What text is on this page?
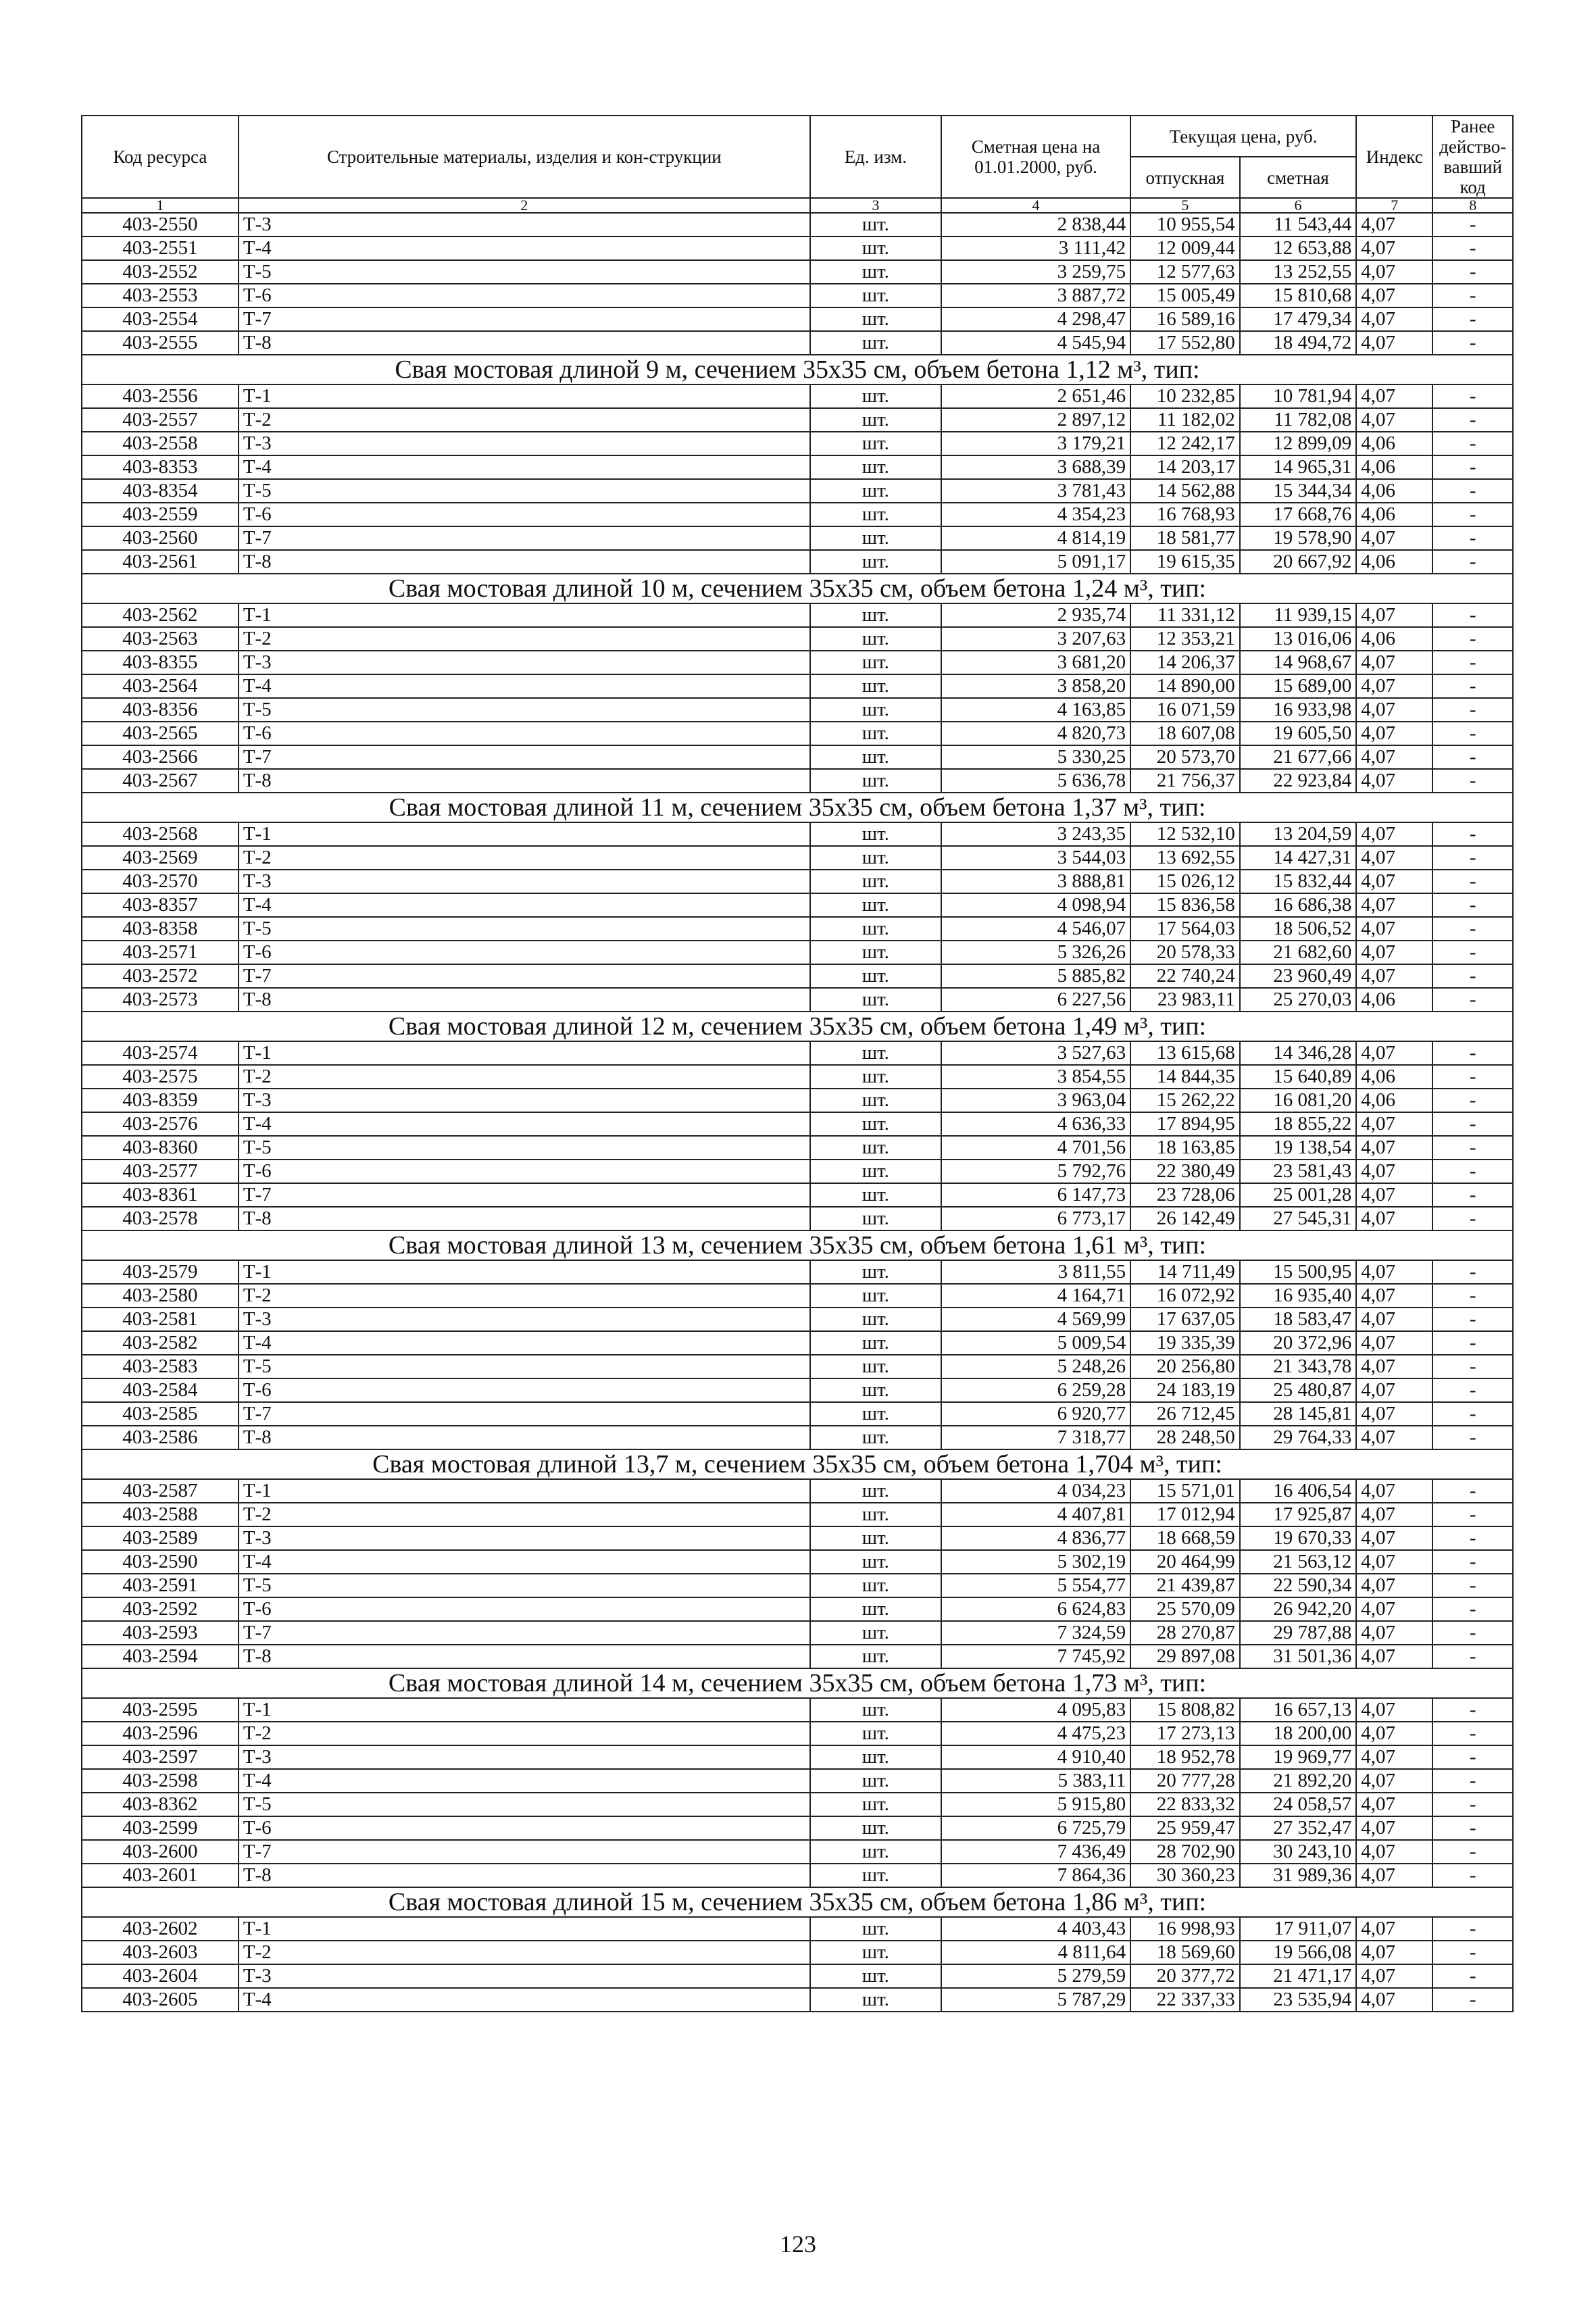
Код ресурса	Строительные материалы, изделия и кон-струкции	Ед. изм.	Сметная цена на 01.01.2000, руб.	Текущая цена, руб.		Индекс	Ранее действо-вавший код
				отпускная	сметная		
1	2	3	4	5	6	7	8
403-2550	Т-3	шт.	2 838,44	10 955,54	11 543,44	4,07	-
403-2551	Т-4	шт.	3 111,42	12 009,44	12 653,88	4,07	-
403-2552	Т-5	шт.	3 259,75	12 577,63	13 252,55	4,07	-
403-2553	Т-6	шт.	3 887,72	15 005,49	15 810,68	4,07	-
403-2554	Т-7	шт.	4 298,47	16 589,16	17 479,34	4,07	-
403-2555	Т-8	шт.	4 545,94	17 552,80	18 494,72	4,07	-
Свая мостовая длиной 9 м, сечением 35x35 см, объем бетона 1,12 м³, тип:							
403-2556	Т-1	шт.	2 651,46	10 232,85	10 781,94	4,07	-
403-2557	Т-2	шт.	2 897,12	11 182,02	11 782,08	4,07	-
403-2558	Т-3	шт.	3 179,21	12 242,17	12 899,09	4,06	-
403-8353	Т-4	шт.	3 688,39	14 203,17	14 965,31	4,06	-
403-8354	Т-5	шт.	3 781,43	14 562,88	15 344,34	4,06	-
403-2559	Т-6	шт.	4 354,23	16 768,93	17 668,76	4,06	-
403-2560	Т-7	шт.	4 814,19	18 581,77	19 578,90	4,07	-
403-2561	Т-8	шт.	5 091,17	19 615,35	20 667,92	4,06	-
Свая мостовая длиной 10 м, сечением 35x35 см, объем бетона 1,24 м³, тип:							
403-2562	Т-1	шт.	2 935,74	11 331,12	11 939,15	4,07	-
403-2563	Т-2	шт.	3 207,63	12 353,21	13 016,06	4,06	-
403-8355	Т-3	шт.	3 681,20	14 206,37	14 968,67	4,07	-
403-2564	Т-4	шт.	3 858,20	14 890,00	15 689,00	4,07	-
403-8356	Т-5	шт.	4 163,85	16 071,59	16 933,98	4,07	-
403-2565	Т-6	шт.	4 820,73	18 607,08	19 605,50	4,07	-
403-2566	Т-7	шт.	5 330,25	20 573,70	21 677,66	4,07	-
403-2567	Т-8	шт.	5 636,78	21 756,37	22 923,84	4,07	-
Свая мостовая длиной 11 м, сечением 35x35 см, объем бетона 1,37 м³, тип:							
403-2568	Т-1	шт.	3 243,35	12 532,10	13 204,59	4,07	-
403-2569	Т-2	шт.	3 544,03	13 692,55	14 427,31	4,07	-
403-2570	Т-3	шт.	3 888,81	15 026,12	15 832,44	4,07	-
403-8357	Т-4	шт.	4 098,94	15 836,58	16 686,38	4,07	-
403-8358	Т-5	шт.	4 546,07	17 564,03	18 506,52	4,07	-
403-2571	Т-6	шт.	5 326,26	20 578,33	21 682,60	4,07	-
403-2572	Т-7	шт.	5 885,82	22 740,24	23 960,49	4,07	-
403-2573	Т-8	шт.	6 227,56	23 983,11	25 270,03	4,06	-
Свая мостовая длиной 12 м, сечением 35x35 см, объем бетона 1,49 м³, тип:							
403-2574	Т-1	шт.	3 527,63	13 615,68	14 346,28	4,07	-
403-2575	Т-2	шт.	3 854,55	14 844,35	15 640,89	4,06	-
403-8359	Т-3	шт.	3 963,04	15 262,22	16 081,20	4,06	-
403-2576	Т-4	шт.	4 636,33	17 894,95	18 855,22	4,07	-
403-8360	Т-5	шт.	4 701,56	18 163,85	19 138,54	4,07	-
403-2577	Т-6	шт.	5 792,76	22 380,49	23 581,43	4,07	-
403-8361	Т-7	шт.	6 147,73	23 728,06	25 001,28	4,07	-
403-2578	Т-8	шт.	6 773,17	26 142,49	27 545,31	4,07	-
Свая мостовая длиной 13 м, сечением 35x35 см, объем бетона 1,61 м³, тип:							
403-2579	Т-1	шт.	3 811,55	14 711,49	15 500,95	4,07	-
403-2580	Т-2	шт.	4 164,71	16 072,92	16 935,40	4,07	-
403-2581	Т-3	шт.	4 569,99	17 637,05	18 583,47	4,07	-
403-2582	Т-4	шт.	5 009,54	19 335,39	20 372,96	4,07	-
403-2583	Т-5	шт.	5 248,26	20 256,80	21 343,78	4,07	-
403-2584	Т-6	шт.	6 259,28	24 183,19	25 480,87	4,07	-
403-2585	Т-7	шт.	6 920,77	26 712,45	28 145,81	4,07	-
403-2586	Т-8	шт.	7 318,77	28 248,50	29 764,33	4,07	-
Свая мостовая длиной 13,7 м, сечением 35x35 см, объем бетона 1,704 м³, тип:							
403-2587	Т-1	шт.	4 034,23	15 571,01	16 406,54	4,07	-
403-2588	Т-2	шт.	4 407,81	17 012,94	17 925,87	4,07	-
403-2589	Т-3	шт.	4 836,77	18 668,59	19 670,33	4,07	-
403-2590	Т-4	шт.	5 302,19	20 464,99	21 563,12	4,07	-
403-2591	Т-5	шт.	5 554,77	21 439,87	22 590,34	4,07	-
403-2592	Т-6	шт.	6 624,83	25 570,09	26 942,20	4,07	-
403-2593	Т-7	шт.	7 324,59	28 270,87	29 787,88	4,07	-
403-2594	Т-8	шт.	7 745,92	29 897,08	31 501,36	4,07	-
Свая мостовая длиной 14 м, сечением 35x35 см, объем бетона 1,73 м³, тип:							
403-2595	Т-1	шт.	4 095,83	15 808,82	16 657,13	4,07	-
403-2596	Т-2	шт.	4 475,23	17 273,13	18 200,00	4,07	-
403-2597	Т-3	шт.	4 910,40	18 952,78	19 969,77	4,07	-
403-2598	Т-4	шт.	5 383,11	20 777,28	21 892,20	4,07	-
403-8362	Т-5	шт.	5 915,80	22 833,32	24 058,57	4,07	-
403-2599	Т-6	шт.	6 725,79	25 959,47	27 352,47	4,07	-
403-2600	Т-7	шт.	7 436,49	28 702,90	30 243,10	4,07	-
403-2601	Т-8	шт.	7 864,36	30 360,23	31 989,36	4,07	-
Свая мостовая длиной 15 м, сечением 35x35 см, объем бетона 1,86 м³, тип:							
403-2602	Т-1	шт.	4 403,43	16 998,93	17 911,07	4,07	-
403-2603	Т-2	шт.	4 811,64	18 569,60	19 566,08	4,07	-
403-2604	Т-3	шт.	5 279,59	20 377,72	21 471,17	4,07	-
403-2605	Т-4	шт.	5 787,29	22 337,33	23 535,94	4,07	-
123
